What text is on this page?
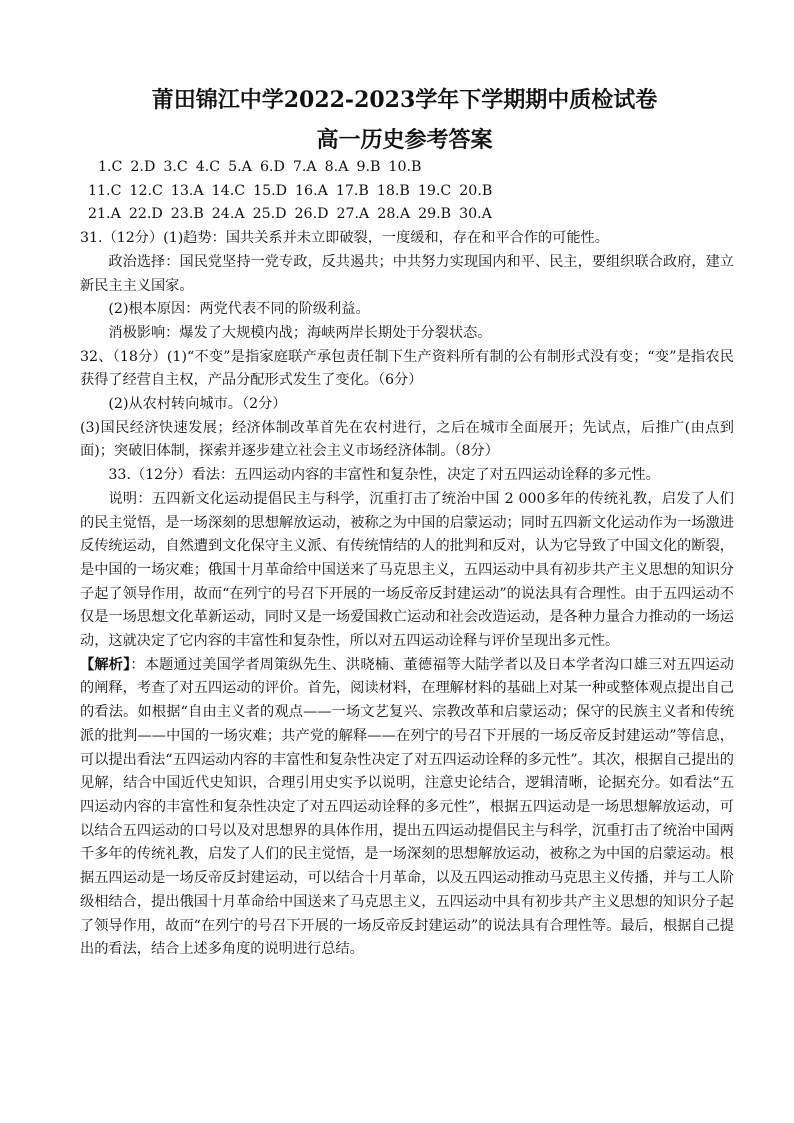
莆田锦江中学2022-2023学年下学期期中质检试卷
高一历史参考答案
1.C 2.D 3.C 4.C 5.A 6.D 7.A 8.A 9.B 10.B
11.C 12.C 13.A 14.C 15.D 16.A 17.B 18.B 19.C 20.B
21.A 22.D 23.B 24.A 25.D 26.D 27.A 28.A 29.B 30.A

31.（12分）(1)趋势：国共关系并未立即破裂，一度缓和，存在和平合作的可能性。

政治选择：国民党坚持一党专政，反共遏共；中共努力实现国内和平、民主，要组织联合政府，建立新民主主义国家。

(2)根本原因：两党代表不同的阶级利益。

消极影响：爆发了大规模内战；海峡两岸长期处于分裂状态。

32、（18分）(1)“不变”是指家庭联产承包责任制下生产资料所有制的公有制形式没有变；“变”是指农民获得了经营自主权，产品分配形式发生了变化。（6分）

(2)从农村转向城市。（2分）

(3)国民经济快速发展；经济体制改革首先在农村进行，之后在城市全面展开；先试点，后推广(由点到面)；突破旧体制，探索并逐步建立社会主义市场经济体制。（8分）

33.（12分）看法：五四运动内容的丰富性和复杂性，决定了对五四运动诠释的多元性。

说明：五四新文化运动提倡民主与科学，沉重打击了统治中国 2 000多年的传统礼教，启发了人们的民主觉悟，是一场深刻的思想解放运动，被称之为中国的启蒙运动；同时五四新文化运动作为一场激进反传统运动，自然遭到文化保守主义派、有传统情结的人的批判和反对，认为它导致了中国文化的断裂，是中国的一场灾难；俄国十月革命给中国送来了马克思主义，五四运动中具有初步共产主义思想的知识分子起了领导作用，故而“在列宁的号召下开展的一场反帝反封建运动”的说法具有合理性。由于五四运动不仅是一场思想文化革新运动，同时又是一场爱国救亡运动和社会改造运动，是各种力量合力推动的一场运动，这就决定了它内容的丰富性和复杂性，所以对五四运动诠释与评价呈现出多元性。

【解析】：本题通过美国学者周策纵先生、洪晓楠、董德福等大陆学者以及日本学者沟口雄三对五四运动的阐释，考查了对五四运动的评价。首先，阅读材料，在理解材料的基础上对某一种或整体观点提出自己的看法。如根据“自由主义者的观点——一场文艺复兴、宗教改革和启蒙运动；保守的民族主义者和传统派的批判——中国的一场灾难；共产党的解释——在列宁的号召下开展的一场反帝反封建运动”等信息，可以提出看法“五四运动内容的丰富性和复杂性决定了对五四运动诠释的多元性”。其次，根据自己提出的见解，结合中国近代史知识，合理引用史实予以说明，注意史论结合，逻辑清晰，论据充分。如看法“五四运动内容的丰富性和复杂性决定了对五四运动诠释的多元性”，根据五四运动是一场思想解放运动，可以结合五四运动的口号以及对思想界的具体作用，提出五四运动提倡民主与科学，沉重打击了统治中国两千多年的传统礼教，启发了人们的民主觉悟，是一场深刻的思想解放运动，被称之为中国的启蒙运动。根据五四运动是一场反帝反封建运动，可以结合十月革命，以及五四运动推动马克思主义传播，并与工人阶级相结合，提出俄国十月革命给中国送来了马克思主义，五四运动中具有初步共产主义思想的知识分子起了领导作用，故而“在列宁的号召下开展的一场反帝反封建运动”的说法具有合理性等。最后，根据自己提出的看法，结合上述多角度的说明进行总结。
